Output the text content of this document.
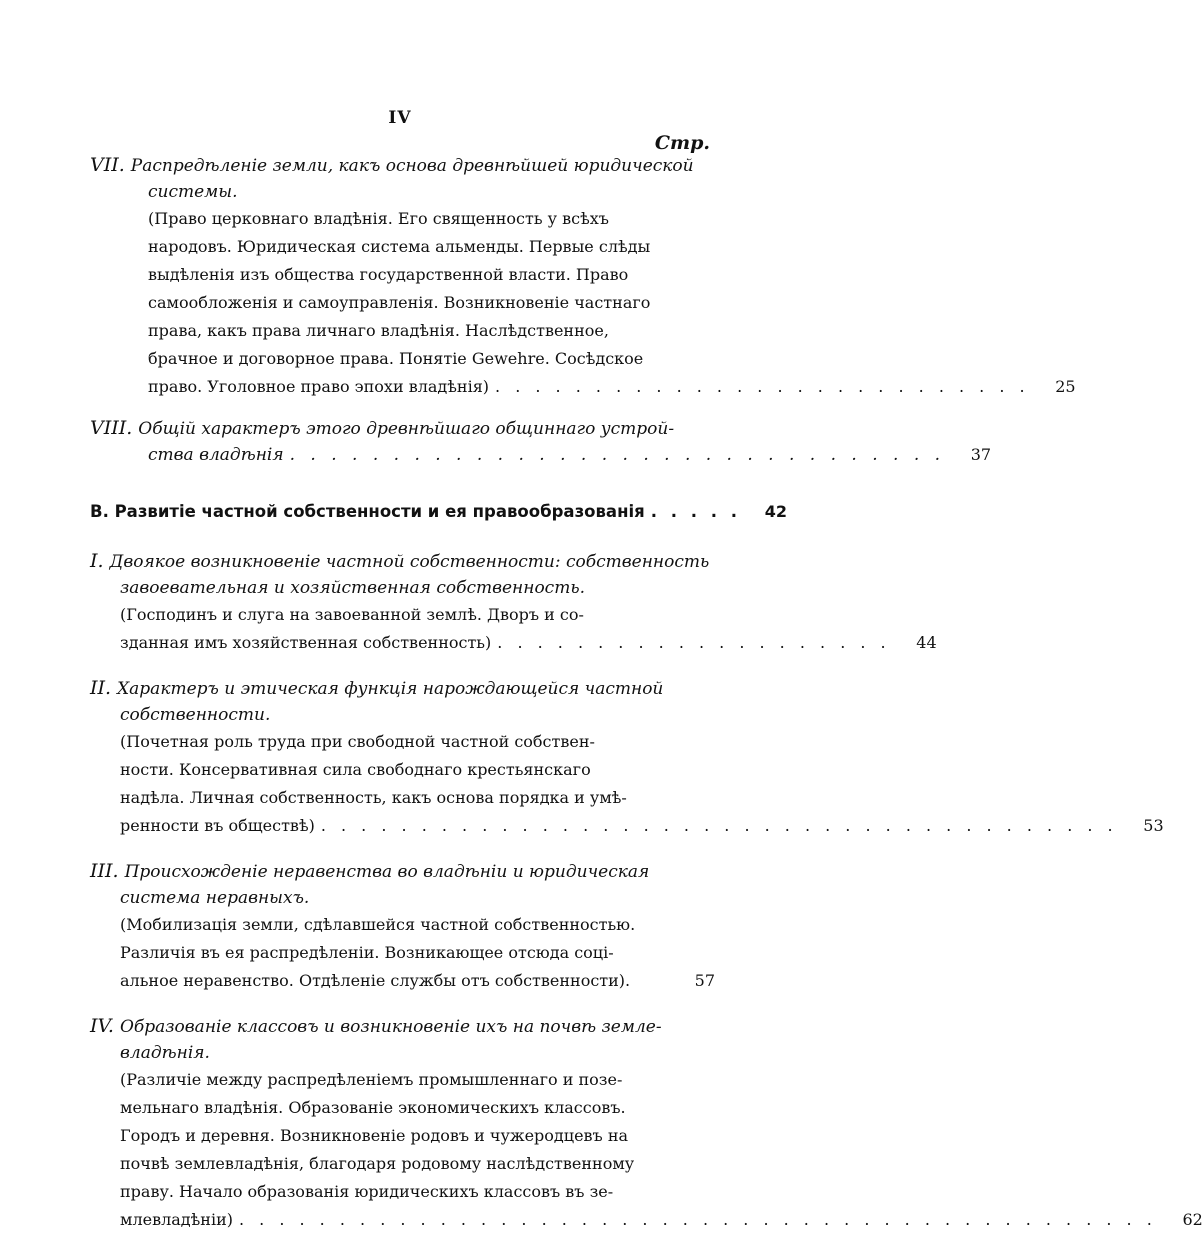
IV
Стр.
VII. Распредѣленіе земли, какъ основа древнѣйшей юридической
системы.

(Право церковнаго владѣнія. Его священность у всѣхъ

народовъ. Юридическая система альменды. Первые слѣды

выдѣленія изъ общества государственной власти. Право

самообложенія и самоуправленія. Возникновеніе частнаго

права, какъ права личнаго владѣнія. Наслѣдственное,

брачное и договорное права. Понятіе Gewehre. Сосѣдское

право. Уголовное право эпохи владѣнія) . . . . . . . . . . . . . . . . . . . . . . . . . . .	25
VIII. Общій характеръ этого древнѣйшаго общиннаго устрой-
ства владѣнія . . . . . . . . . . . . . . . . . . . . . . . . . . . . . . . .	37
B. Развитіе частной собственности и ея правообразованія . . . . .	42
I. Двоякое возникновеніе частной собственности: собственность
завоевательная и хозяйственная собственность.

(Господинъ и слуга на завоеванной землѣ. Дворъ и со-

зданная имъ хозяйственная собственность) . . . . . . . . . . . . . . . . . . . .	44
II. Характеръ и этическая функція нарождающейся частной
собственности.

(Почетная роль труда при свободной частной собствен-

ности. Консервативная сила свободнаго крестьянскаго

надѣла. Личная собственность, какъ основа порядка и умѣ-

ренности въ обществѣ) . . . . . . . . . . . . . . . . . . . . . . . . . . . . . . . . . . . . . . . .	53
III. Происхожденіе неравенства во владѣніи и юридическая
система неравныхъ.

(Мобилизація земли, сдѣлавшейся частной собственностью.

Различія въ ея распредѣленіи. Возникающее отсюда соці-

альное неравенство. Отдѣленіе службы отъ собственности).	57
IV. Образованіе классовъ и возникновеніе ихъ на почвѣ земле-
владѣнія.

(Различіе между распредѣленіемъ промышленнаго и позе-

мельнаго владѣнія. Образованіе экономическихъ классовъ.

Городъ и деревня. Возникновеніе родовъ и чужеродцевъ на

почвѣ землевладѣнія, благодаря родовому наслѣдственному

праву. Начало образованія юридическихъ классовъ въ зе-

млевладѣніи) . . . . . . . . . . . . . . . . . . . . . . . . . . . . . . . . . . . . . . . . . . . . . .	62
